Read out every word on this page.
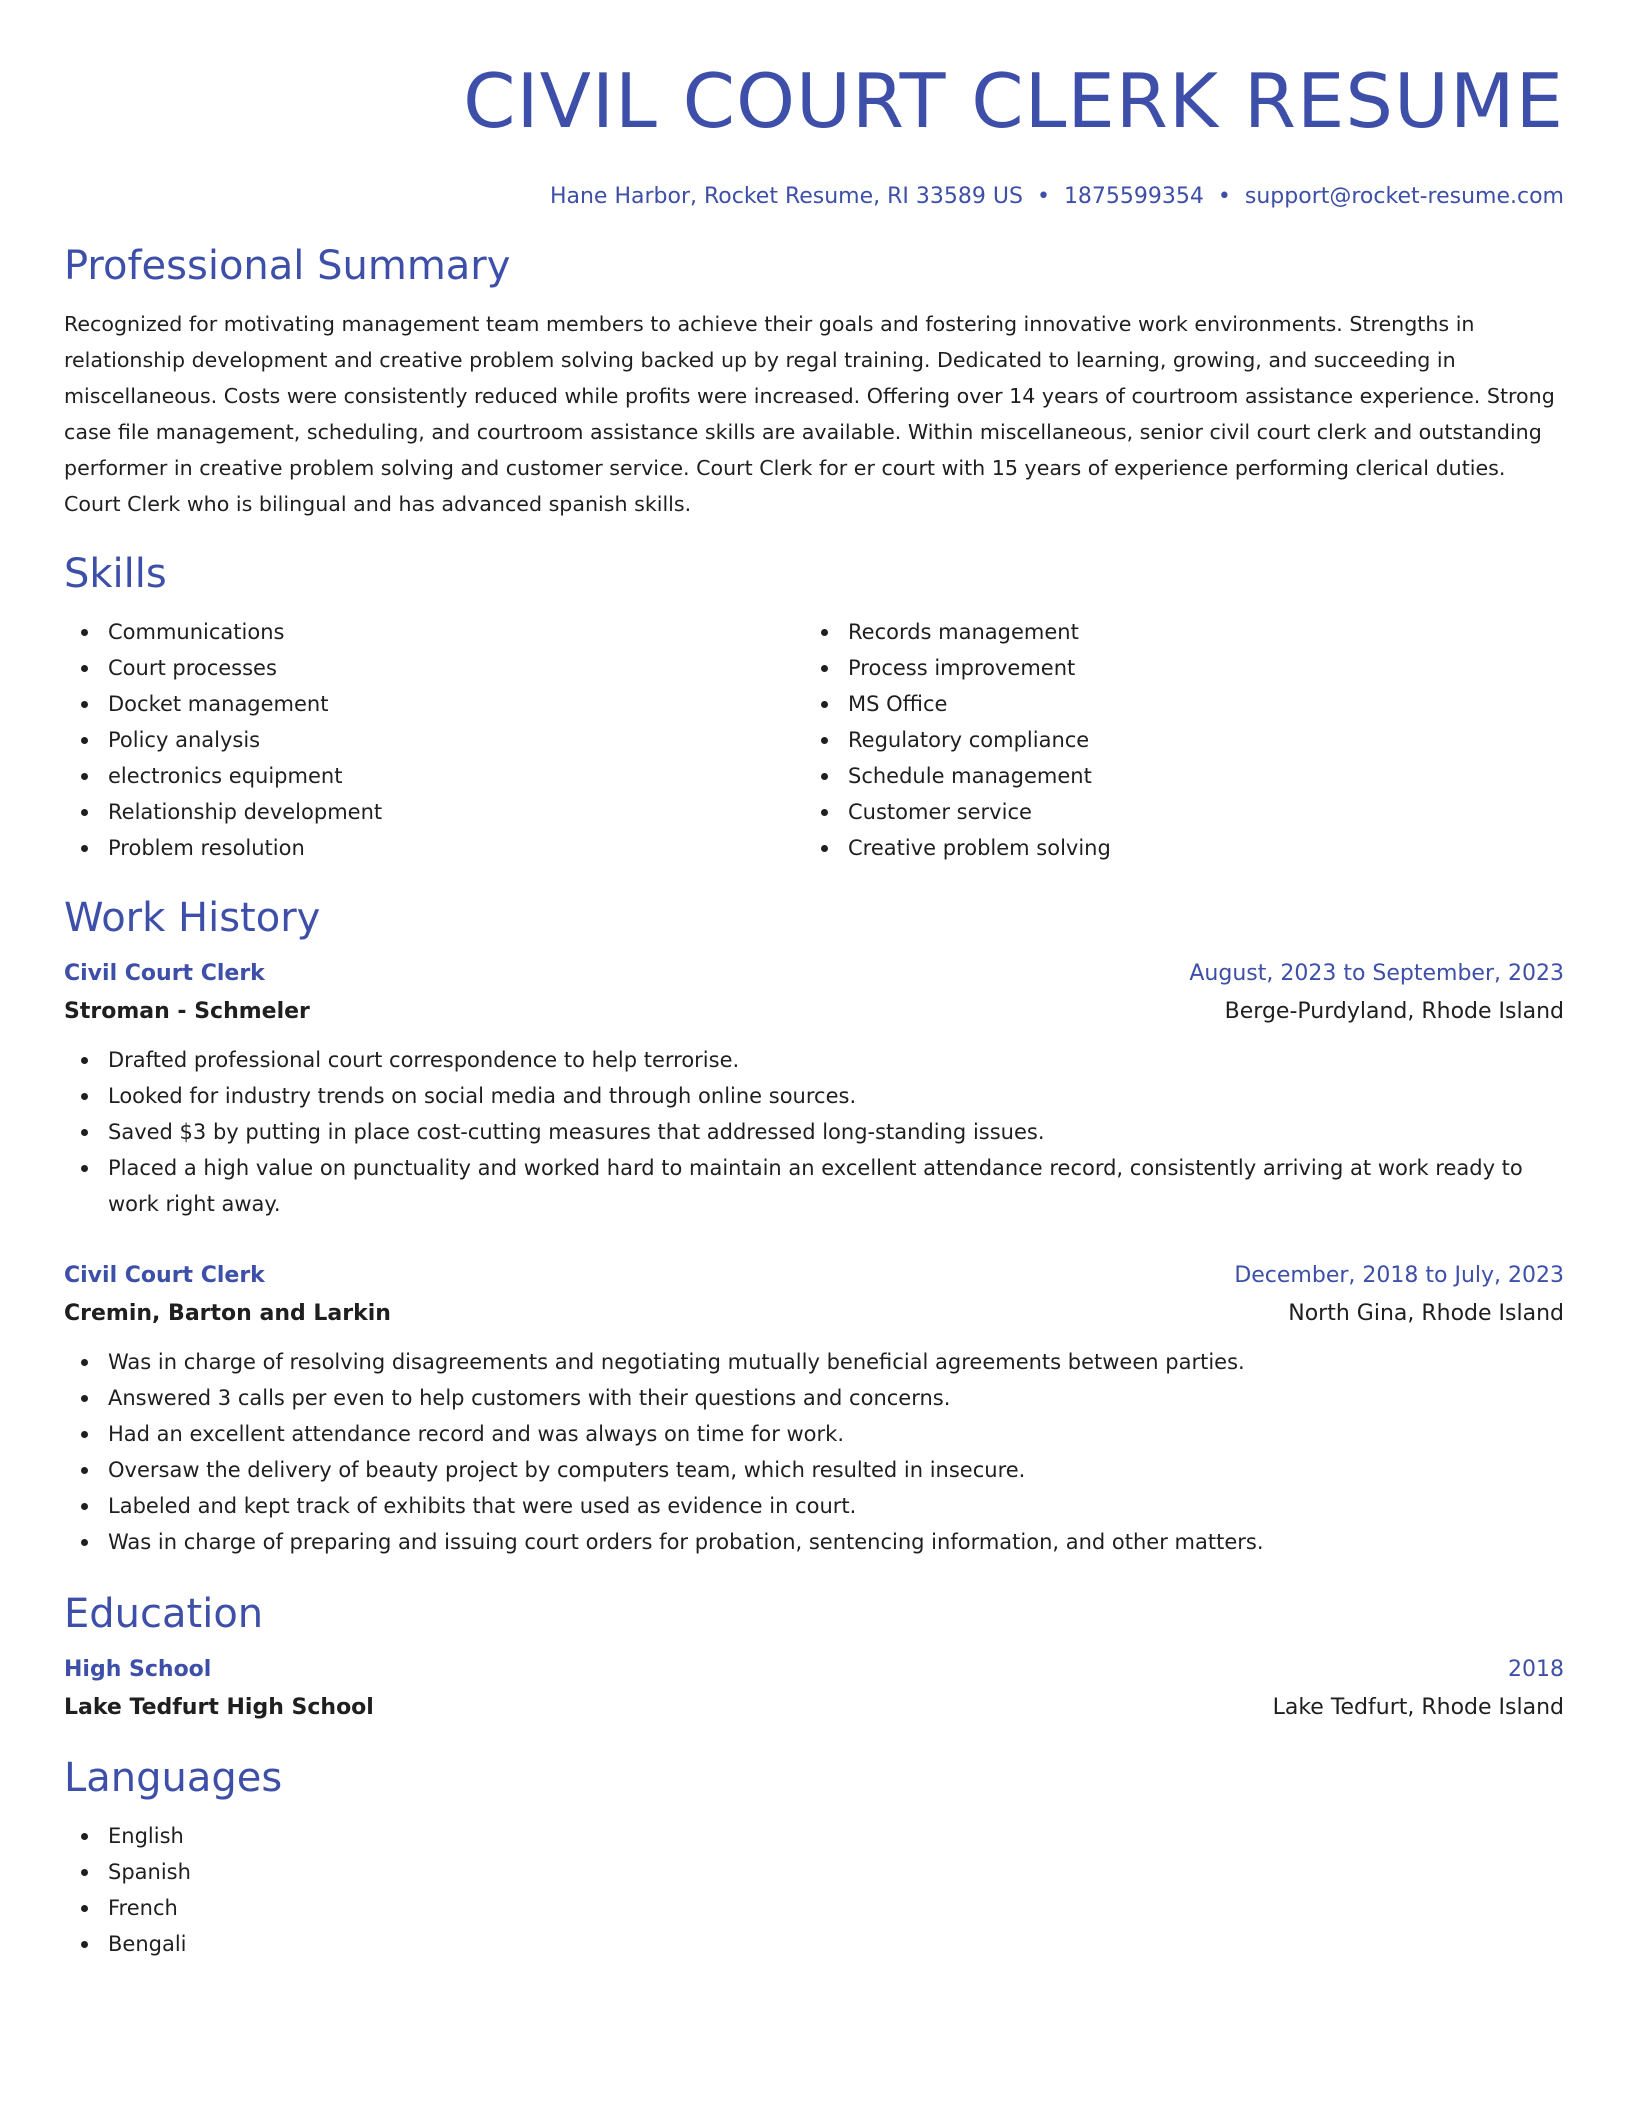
CIVIL COURT CLERK RESUME
Hane Harbor, Rocket Resume, RI 33589 US • 1875599354 • support@rocket-resume.com
Professional Summary

Recognized for motivating management team members to achieve their goals and fostering innovative work environments. Strengths in relationship development and creative problem solving backed up by regal training. Dedicated to learning, growing, and succeeding in miscellaneous. Costs were consistently reduced while profits were increased. Offering over 14 years of courtroom assistance experience. Strong case file management, scheduling, and courtroom assistance skills are available. Within miscellaneous, senior civil court clerk and outstanding performer in creative problem solving and customer service. Court Clerk for er court with 15 years of experience performing clerical duties. Court Clerk who is bilingual and has advanced spanish skills.

Skills
Communications
Court processes
Docket management
Policy analysis
electronics equipment
Relationship development
Problem resolution
Records management
Process improvement
MS Office
Regulatory compliance
Schedule management
Customer service
Creative problem solving
Work History
Civil Court Clerk	August, 2023 to September, 2023
Stroman - Schmeler	Berge-Purdyland, Rhode Island
Drafted professional court correspondence to help terrorise.
Looked for industry trends on social media and through online sources.
Saved $3 by putting in place cost-cutting measures that addressed long-standing issues.
Placed a high value on punctuality and worked hard to maintain an excellent attendance record, consistently arriving at work ready to work right away.
Civil Court Clerk	December, 2018 to July, 2023
Cremin, Barton and Larkin	North Gina, Rhode Island
Was in charge of resolving disagreements and negotiating mutually beneficial agreements between parties.
Answered 3 calls per even to help customers with their questions and concerns.
Had an excellent attendance record and was always on time for work.
Oversaw the delivery of beauty project by computers team, which resulted in insecure.
Labeled and kept track of exhibits that were used as evidence in court.
Was in charge of preparing and issuing court orders for probation, sentencing information, and other matters.
Education
High School	2018
Lake Tedfurt High School	Lake Tedfurt, Rhode Island
Languages
English
Spanish
French
Bengali
